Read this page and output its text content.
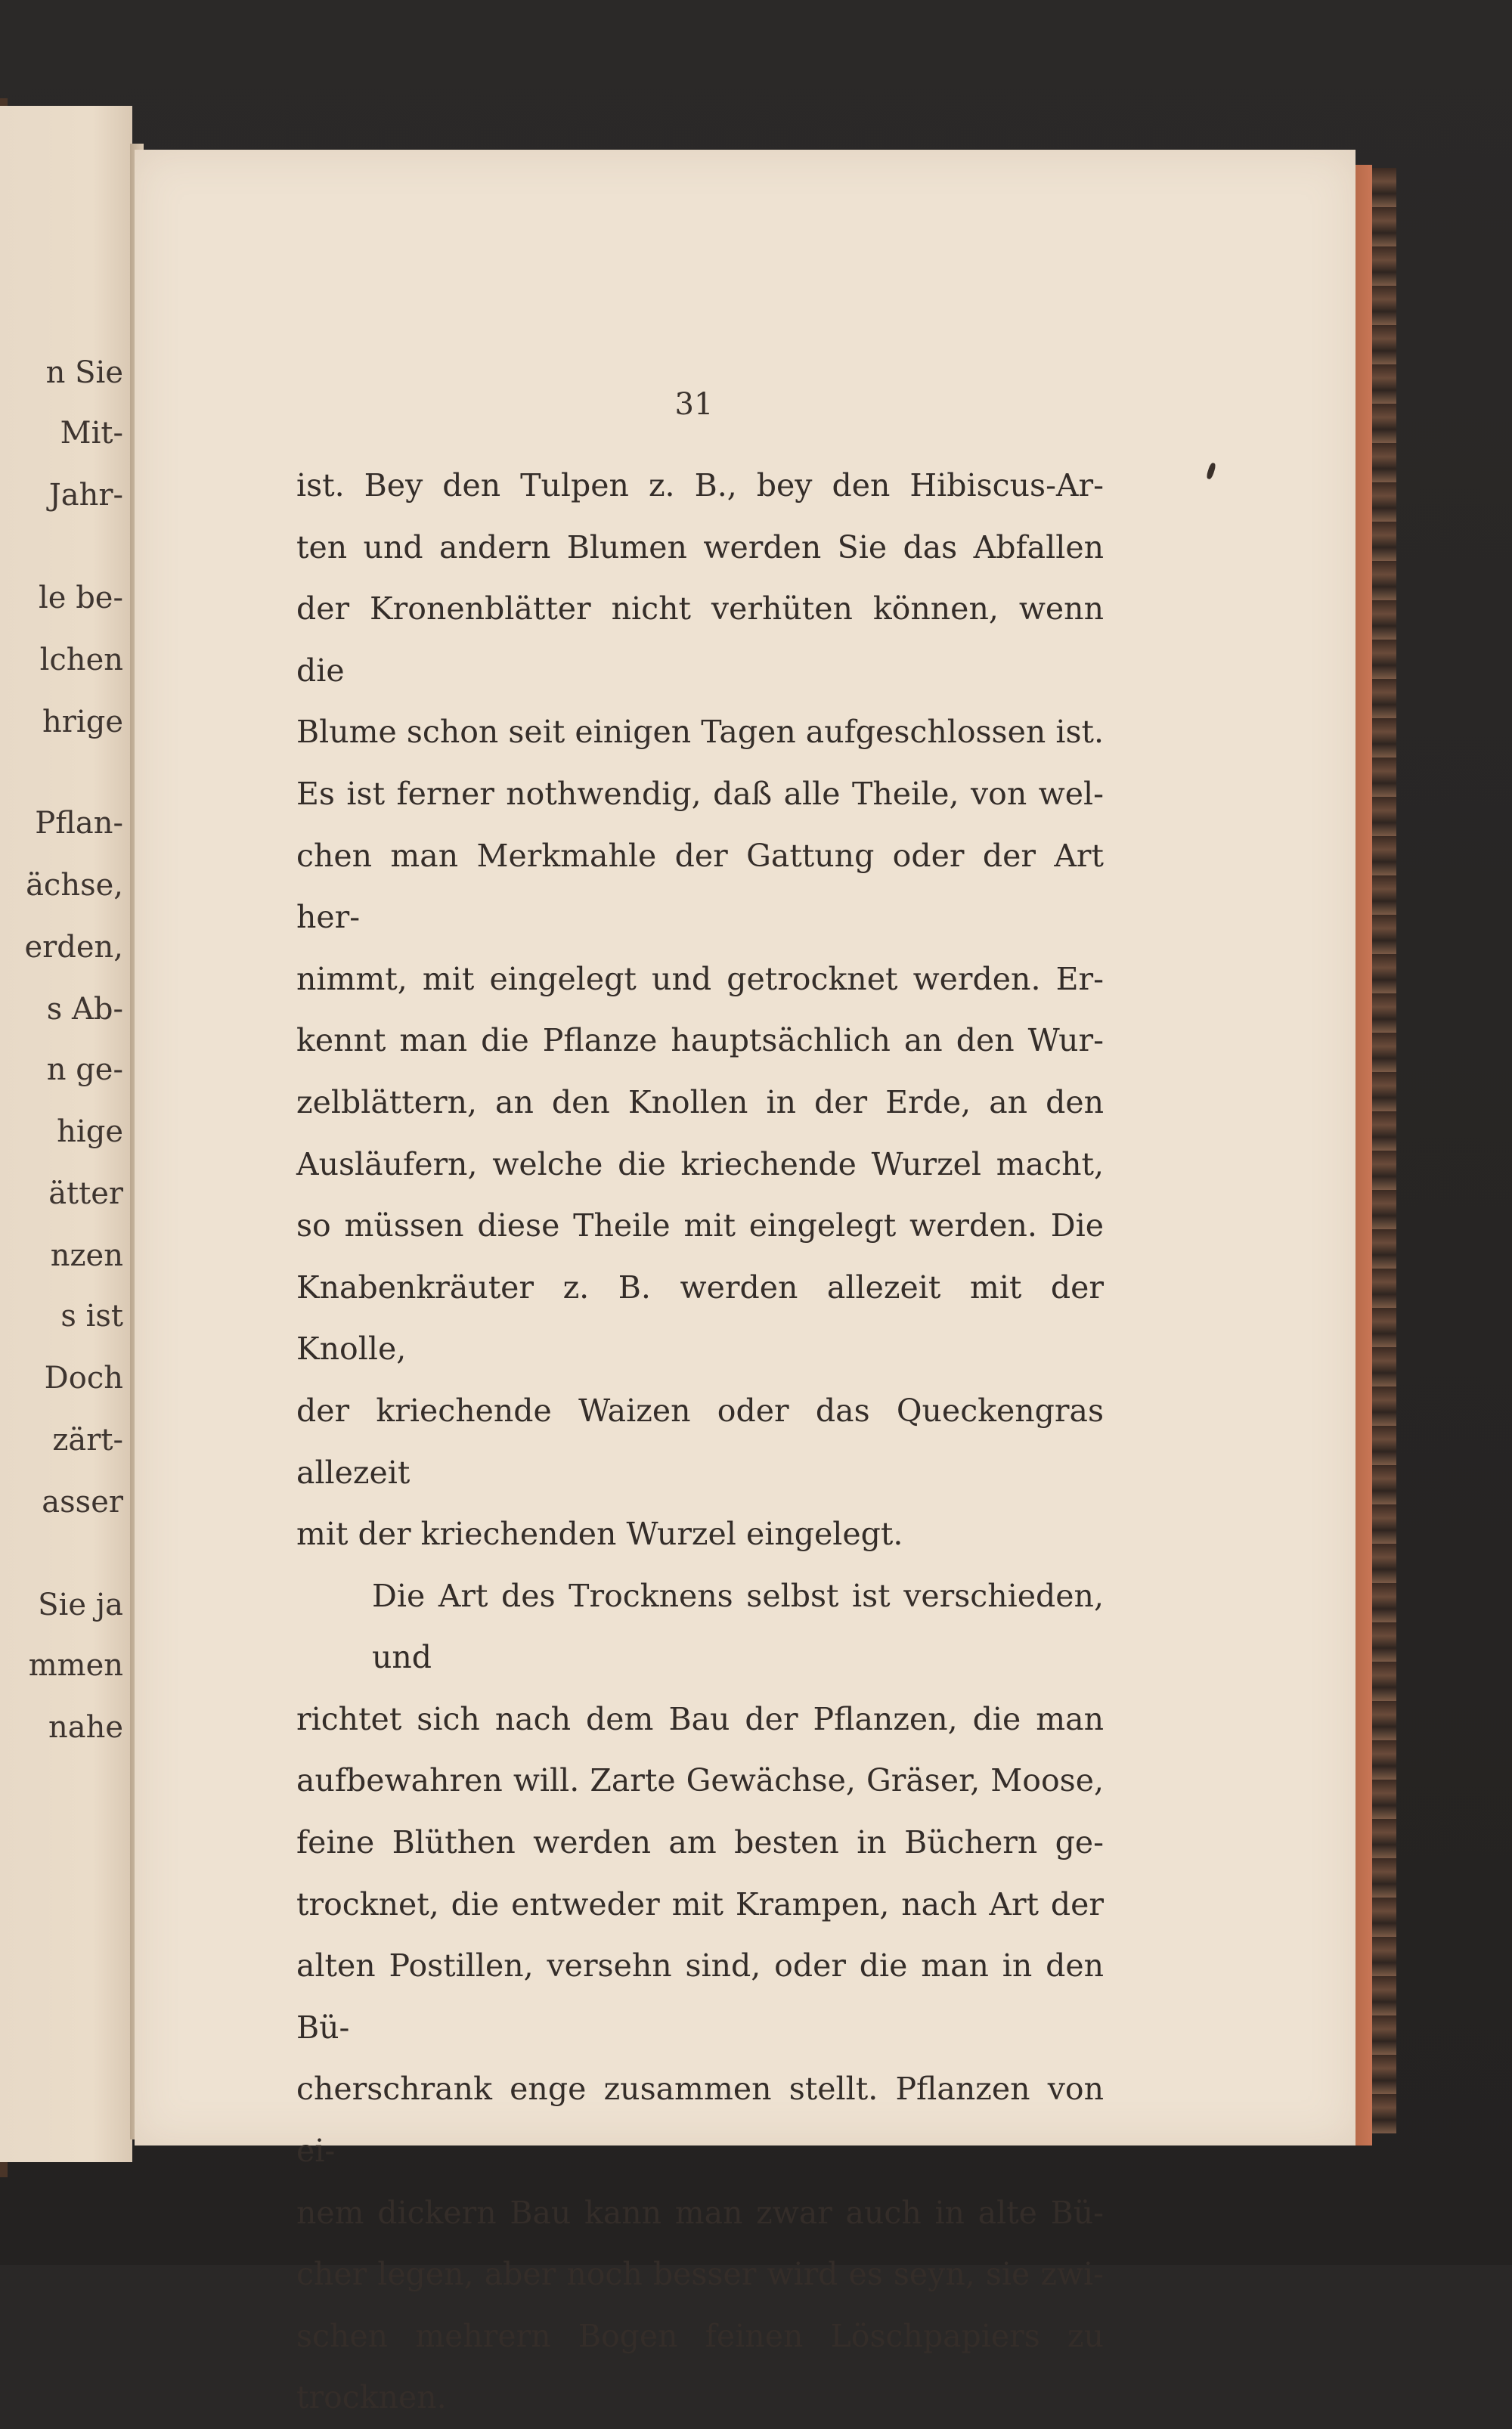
n Sie

Mit-

Jahr-

le be-

lchen

hrige

Pflan-

ächse,

erden,

s Ab-

n ge-

hige

ätter

nzen

s ist

Doch

zärt-

asser

Sie ja

mmen

nahe

31

ist. Bey den Tulpen z. B., bey den Hibiscus-Ar-

ten und andern Blumen werden Sie das Abfallen

der Kronenblätter nicht verhüten können, wenn die

Blume schon seit einigen Tagen aufgeschlossen ist.

Es ist ferner nothwendig, daß alle Theile, von wel-

chen man Merkmahle der Gattung oder der Art her-

nimmt, mit eingelegt und getrocknet werden. Er-

kennt man die Pflanze hauptsächlich an den Wur-

zelblättern, an den Knollen in der Erde, an den

Ausläufern, welche die kriechende Wurzel macht,

so müssen diese Theile mit eingelegt werden. Die

Knabenkräuter z. B. werden allezeit mit der Knolle,

der kriechende Waizen oder das Queckengras allezeit

mit der kriechenden Wurzel eingelegt.

Die Art des Trocknens selbst ist verschieden, und

richtet sich nach dem Bau der Pflanzen, die man

aufbewahren will. Zarte Gewächse, Gräser, Moose,

feine Blüthen werden am besten in Büchern ge-

trocknet, die entweder mit Krampen, nach Art der

alten Postillen, versehn sind, oder die man in den Bü-

cherschrank enge zusammen stellt. Pflanzen von ei-

nem dickern Bau kann man zwar auch in alte Bü-

cher legen, aber noch besser wird es seyn, sie zwi-

schen mehrern Bogen feinen Löschpapiers zu trocknen.
